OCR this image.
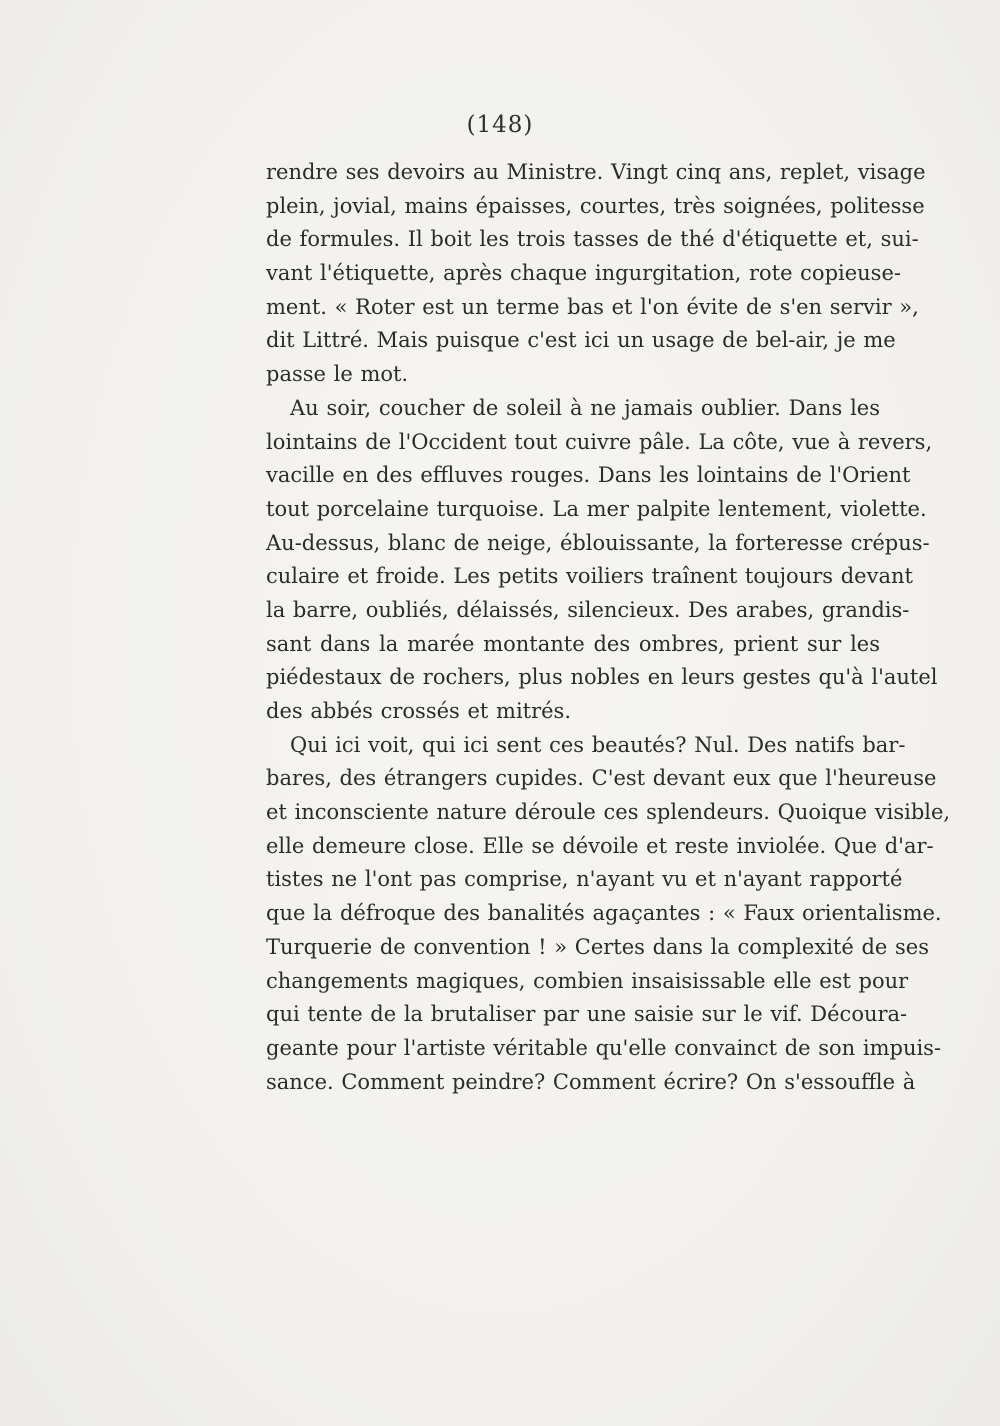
(148)
rendre ses devoirs au Ministre. Vingt cinq ans, replet, visage
plein, jovial, mains épaisses, courtes, très soignées, politesse
de formules. Il boit les trois tasses de thé d'étiquette et, sui-
vant l'étiquette, après chaque ingurgitation, rote copieuse-
ment. « Roter est un terme bas et l'on évite de s'en servir »,
dit Littré. Mais puisque c'est ici un usage de bel-air, je me
passe le mot.
Au soir, coucher de soleil à ne jamais oublier. Dans les
lointains de l'Occident tout cuivre pâle. La côte, vue à revers,
vacille en des effluves rouges. Dans les lointains de l'Orient
tout porcelaine turquoise. La mer palpite lentement, violette.
Au-dessus, blanc de neige, éblouissante, la forteresse crépus-
culaire et froide. Les petits voiliers traînent toujours devant
la barre, oubliés, délaissés, silencieux. Des arabes, grandis-
sant dans la marée montante des ombres, prient sur les
piédestaux de rochers, plus nobles en leurs gestes qu'à l'autel
des abbés crossés et mitrés.
Qui ici voit, qui ici sent ces beautés? Nul. Des natifs bar-
bares, des étrangers cupides. C'est devant eux que l'heureuse
et inconsciente nature déroule ces splendeurs. Quoique visible,
elle demeure close. Elle se dévoile et reste inviolée. Que d'ar-
tistes ne l'ont pas comprise, n'ayant vu et n'ayant rapporté
que la défroque des banalités agaçantes : « Faux orientalisme.
Turquerie de convention ! » Certes dans la complexité de ses
changements magiques, combien insaisissable elle est pour
qui tente de la brutaliser par une saisie sur le vif. Découra-
geante pour l'artiste véritable qu'elle convainct de son impuis-
sance. Comment peindre? Comment écrire? On s'essouffle à
